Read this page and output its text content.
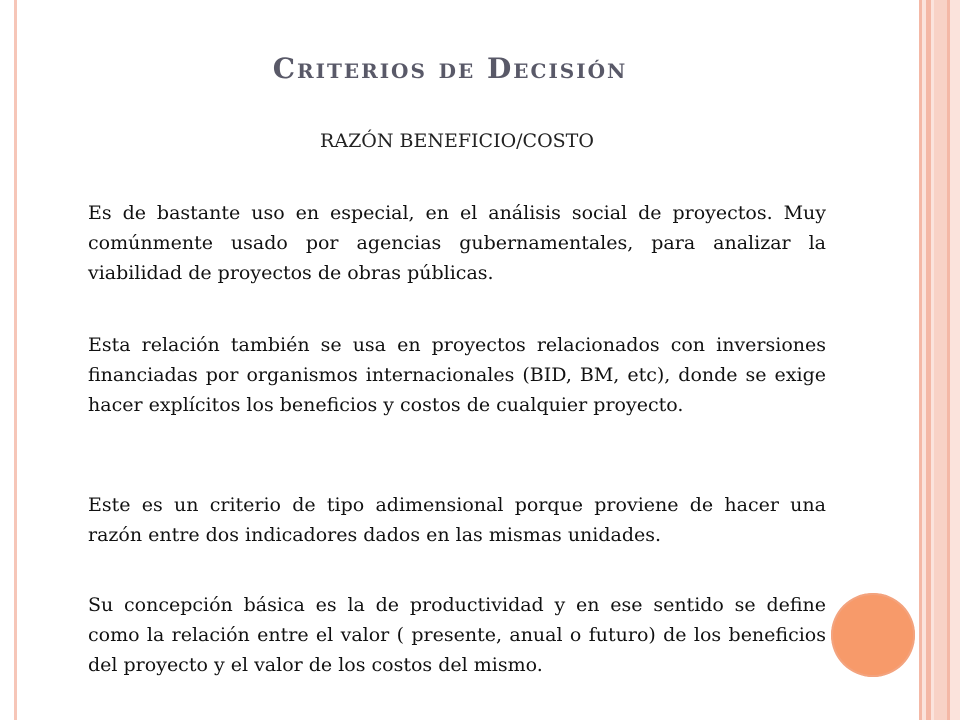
Criterios de Decisión
RAZÓN BENEFICIO/COSTO

Es de bastante uso en especial, en el análisis social de proyectos. Muy comúnmente usado por agencias gubernamentales, para analizar la viabilidad de proyectos de obras públicas.

Esta relación también se usa en proyectos relacionados con inversiones financiadas por organismos internacionales (BID, BM, etc), donde se exige hacer explícitos los beneficios y costos de cualquier proyecto.

Este es un criterio de tipo adimensional porque proviene de hacer una razón entre dos indicadores dados en las mismas unidades.

Su concepción básica es la de productividad y en ese sentido se define como la relación entre el valor ( presente, anual o futuro) de los beneficios del proyecto y el valor de los costos del mismo.
